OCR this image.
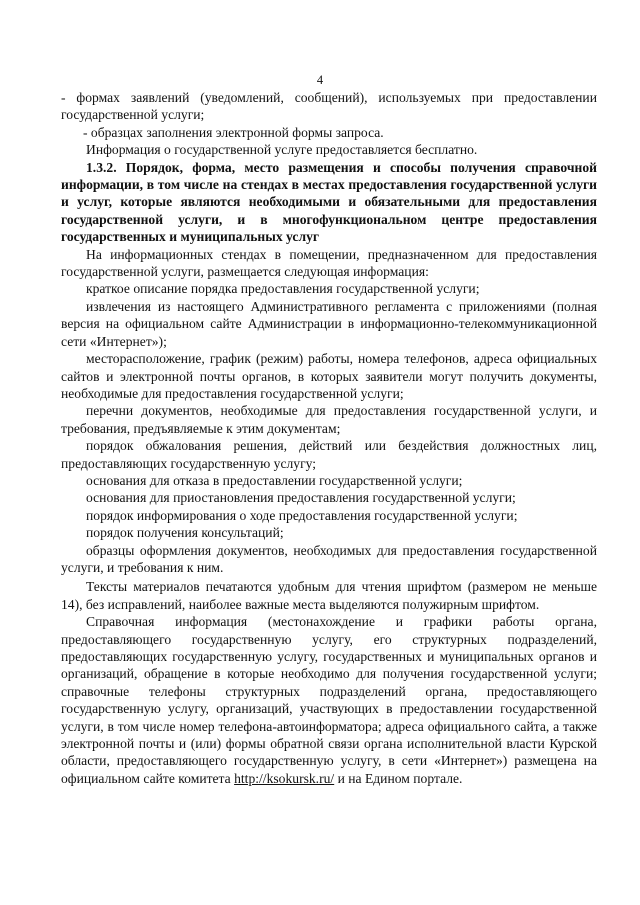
4

- формах заявлений (уведомлений, сообщений), используемых при предоставлении государственной услуги;

- образцах заполнения электронной формы запроса.

Информация о государственной услуге предоставляется бесплатно.

1.3.2. Порядок, форма, место размещения и способы получения справочной информации, в том числе на стендах в местах предоставления государственной услуги и услуг, которые являются необходимыми и обязательными для предоставления государственной услуги, и в многофункциональном центре предоставления государственных и муниципальных услуг

На информационных стендах в помещении, предназначенном для предоставления государственной услуги, размещается следующая информация:

краткое описание порядка предоставления государственной услуги;

извлечения из настоящего Административного регламента с приложениями (полная версия на официальном сайте Администрации в информационно-телекоммуникационной сети «Интернет»);

месторасположение, график (режим) работы, номера телефонов, адреса официальных сайтов и электронной почты органов, в которых заявители могут получить документы, необходимые для предоставления государственной услуги;

перечни документов, необходимые для предоставления государственной услуги, и требования, предъявляемые к этим документам;

порядок обжалования решения, действий или бездействия должностных лиц, предоставляющих государственную услугу;

основания для отказа в предоставлении государственной услуги;

основания для приостановления предоставления государственной услуги;

порядок информирования о ходе предоставления государственной услуги;

порядок получения консультаций;

образцы оформления документов, необходимых для предоставления государственной услуги, и требования к ним.

Тексты материалов печатаются удобным для чтения шрифтом (размером не меньше 14), без исправлений, наиболее важные места выделяются полужирным шрифтом.

Справочная информация (местонахождение и графики работы органа, предоставляющего государственную услугу, его структурных подразделений, предоставляющих государственную услугу, государственных и муниципальных органов и организаций, обращение в которые необходимо для получения государственной услуги; справочные телефоны структурных подразделений органа, предоставляющего государственную услугу, организаций, участвующих в предоставлении государственной услуги, в том числе номер телефона-автоинформатора; адреса официального сайта, а также электронной почты и (или) формы обратной связи органа исполнительной власти Курской области, предоставляющего государственную услугу, в сети «Интернет») размещена на официальном сайте комитета http://ksokursk.ru/ и на Едином портале.
